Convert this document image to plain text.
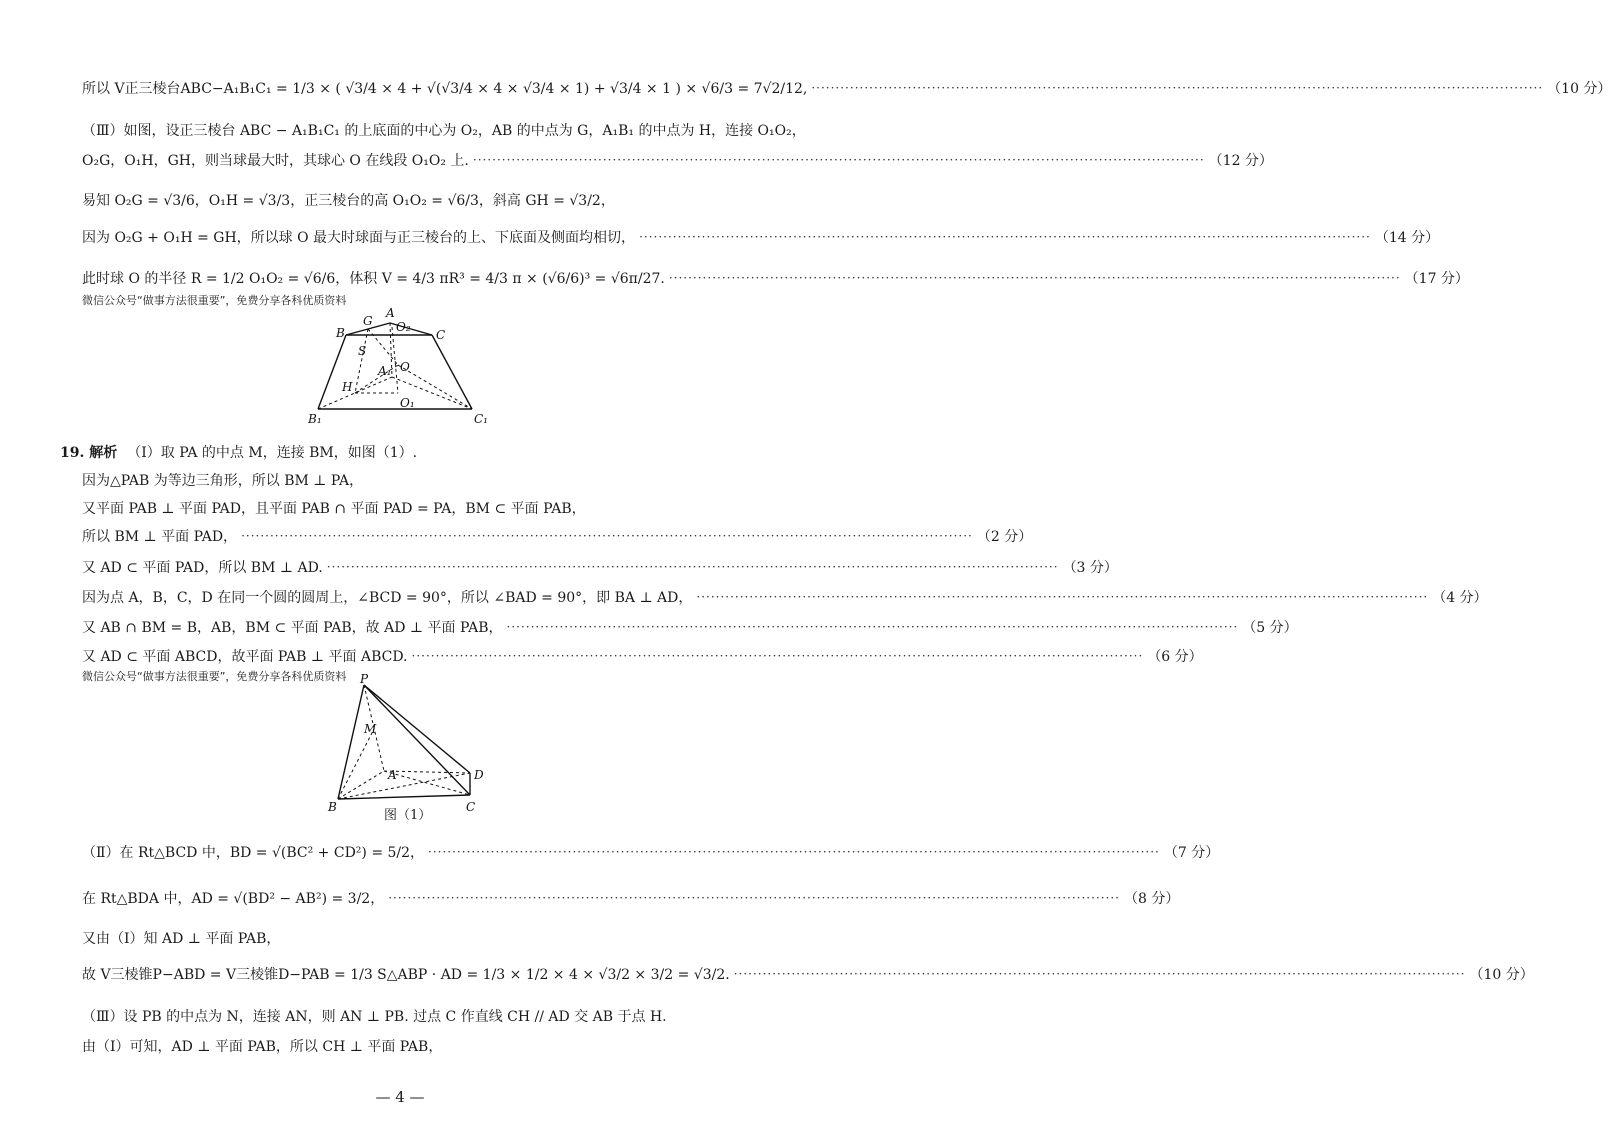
所以 V正三棱台ABC−A₁B₁C₁ = 1/3 × ( √3/4 × 4 + √(√3/4 × 4 × √3/4 × 1) + √3/4 × 1 ) × √6/3 = 7√2/12, ·····	（10 分）
（Ⅲ）如图，设正三棱台 ABC − A₁B₁C₁ 的上底面的中心为 O₂，AB 的中点为 G，A₁B₁ 的中点为 H，连接 O₁O₂，
O₂G，O₁H，GH，则当球最大时，其球心 O 在线段 O₁O₂ 上. ·····	（12 分）
易知 O₂G = √3/6，O₁H = √3/3，正三棱台的高 O₁O₂ = √6/3，斜高 GH = √3/2，
因为 O₂G + O₁H = GH，所以球 O 最大时球面与正三棱台的上、下底面及侧面均相切， ·····	（14 分）
此时球 O 的半径 R = 1/2 O₁O₂ = √6/6，体积 V = 4/3 πR³ = 4/3 π × (√6/6)³ = √6π/27. ·····	（17 分）
微信公众号“做事方法很重要”，免费分享各科优质资料
A
G O₂
B	C
S
A₁ O
H
O₁
B₁	C₁
19. 解析 （Ⅰ）取 PA 的中点 M，连接 BM，如图（1）.
因为△PAB 为等边三角形，所以 BM ⊥ PA，
又平面 PAB ⊥ 平面 PAD，且平面 PAB ∩ 平面 PAD = PA，BM ⊂ 平面 PAB，
所以 BM ⊥ 平面 PAD， ·····	（2 分）
又 AD ⊂ 平面 PAD，所以 BM ⊥ AD. ·····	（3 分）
因为点 A，B，C，D 在同一个圆的圆周上，∠BCD = 90°，所以 ∠BAD = 90°，即 BA ⊥ AD， ·····	（4 分）
又 AB ∩ BM = B，AB，BM ⊂ 平面 PAB，故 AD ⊥ 平面 PAB， ·····	（5 分）
又 AD ⊂ 平面 ABCD，故平面 PAB ⊥ 平面 ABCD. ·····	（6 分）
微信公众号“做事方法很重要”，免费分享各科优质资料 P
M
A	D
B	C
图（1）
（Ⅱ）在 Rt△BCD 中，BD = √(BC² + CD²) = 5/2， ·····	（7 分）
在 Rt△BDA 中，AD = √(BD² − AB²) = 3/2， ·····	（8 分）
又由（Ⅰ）知 AD ⊥ 平面 PAB，
故 V三棱锥P−ABD = V三棱锥D−PAB = 1/3 S△ABP · AD = 1/3 × 1/2 × 4 × √3/2 × 3/2 = √3/2. ·····	（10 分）
（Ⅲ）设 PB 的中点为 N，连接 AN，则 AN ⊥ PB. 过点 C 作直线 CH // AD 交 AB 于点 H.
由（Ⅰ）可知，AD ⊥ 平面 PAB，所以 CH ⊥ 平面 PAB，
— 4 —
